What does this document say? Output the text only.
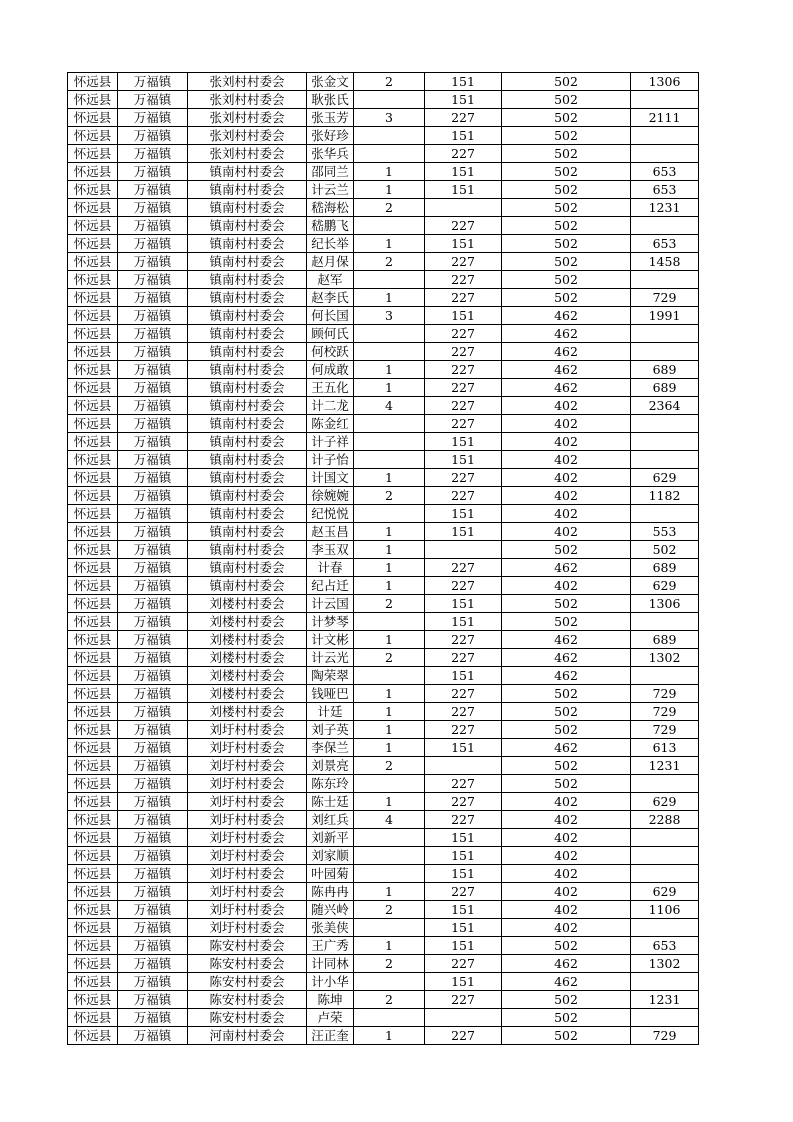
怀远县	万福镇	张刘村村委会	张金文	2	151	502	1306
怀远县	万福镇	张刘村村委会	耿张氏		151	502	
怀远县	万福镇	张刘村村委会	张玉芳	3	227	502	2111
怀远县	万福镇	张刘村村委会	张好珍		151	502	
怀远县	万福镇	张刘村村委会	张华兵		227	502	
怀远县	万福镇	镇南村村委会	邵同兰	1	151	502	653
怀远县	万福镇	镇南村村委会	计云兰	1	151	502	653
怀远县	万福镇	镇南村村委会	嵇海松	2		502	1231
怀远县	万福镇	镇南村村委会	嵇鹏飞		227	502	
怀远县	万福镇	镇南村村委会	纪长举	1	151	502	653
怀远县	万福镇	镇南村村委会	赵月保	2	227	502	1458
怀远县	万福镇	镇南村村委会	赵军		227	502	
怀远县	万福镇	镇南村村委会	赵李氏	1	227	502	729
怀远县	万福镇	镇南村村委会	何长国	3	151	462	1991
怀远县	万福镇	镇南村村委会	顾何氏		227	462	
怀远县	万福镇	镇南村村委会	何校跃		227	462	
怀远县	万福镇	镇南村村委会	何成敢	1	227	462	689
怀远县	万福镇	镇南村村委会	王五化	1	227	462	689
怀远县	万福镇	镇南村村委会	计二龙	4	227	402	2364
怀远县	万福镇	镇南村村委会	陈金红		227	402	
怀远县	万福镇	镇南村村委会	计子祥		151	402	
怀远县	万福镇	镇南村村委会	计子怡		151	402	
怀远县	万福镇	镇南村村委会	计国文	1	227	402	629
怀远县	万福镇	镇南村村委会	徐婉婉	2	227	402	1182
怀远县	万福镇	镇南村村委会	纪悦悦		151	402	
怀远县	万福镇	镇南村村委会	赵玉昌	1	151	402	553
怀远县	万福镇	镇南村村委会	李玉双	1		502	502
怀远县	万福镇	镇南村村委会	计春	1	227	462	689
怀远县	万福镇	镇南村村委会	纪占迁	1	227	402	629
怀远县	万福镇	刘楼村村委会	计云国	2	151	502	1306
怀远县	万福镇	刘楼村村委会	计梦琴		151	502	
怀远县	万福镇	刘楼村村委会	计文彬	1	227	462	689
怀远县	万福镇	刘楼村村委会	计云光	2	227	462	1302
怀远县	万福镇	刘楼村村委会	陶荣翠		151	462	
怀远县	万福镇	刘楼村村委会	钱哑巴	1	227	502	729
怀远县	万福镇	刘楼村村委会	计廷	1	227	502	729
怀远县	万福镇	刘圩村村委会	刘子英	1	227	502	729
怀远县	万福镇	刘圩村村委会	李保兰	1	151	462	613
怀远县	万福镇	刘圩村村委会	刘景亮	2		502	1231
怀远县	万福镇	刘圩村村委会	陈东玲		227	502	
怀远县	万福镇	刘圩村村委会	陈士廷	1	227	402	629
怀远县	万福镇	刘圩村村委会	刘红兵	4	227	402	2288
怀远县	万福镇	刘圩村村委会	刘新平		151	402	
怀远县	万福镇	刘圩村村委会	刘家顺		151	402	
怀远县	万福镇	刘圩村村委会	叶园菊		151	402	
怀远县	万福镇	刘圩村村委会	陈冉冉	1	227	402	629
怀远县	万福镇	刘圩村村委会	随兴岭	2	151	402	1106
怀远县	万福镇	刘圩村村委会	张美侠		151	402	
怀远县	万福镇	陈安村村委会	王广秀	1	151	502	653
怀远县	万福镇	陈安村村委会	计同林	2	227	462	1302
怀远县	万福镇	陈安村村委会	计小华		151	462	
怀远县	万福镇	陈安村村委会	陈坤	2	227	502	1231
怀远县	万福镇	陈安村村委会	卢荣			502	
怀远县	万福镇	河南村村委会	汪正奎	1	227	502	729
